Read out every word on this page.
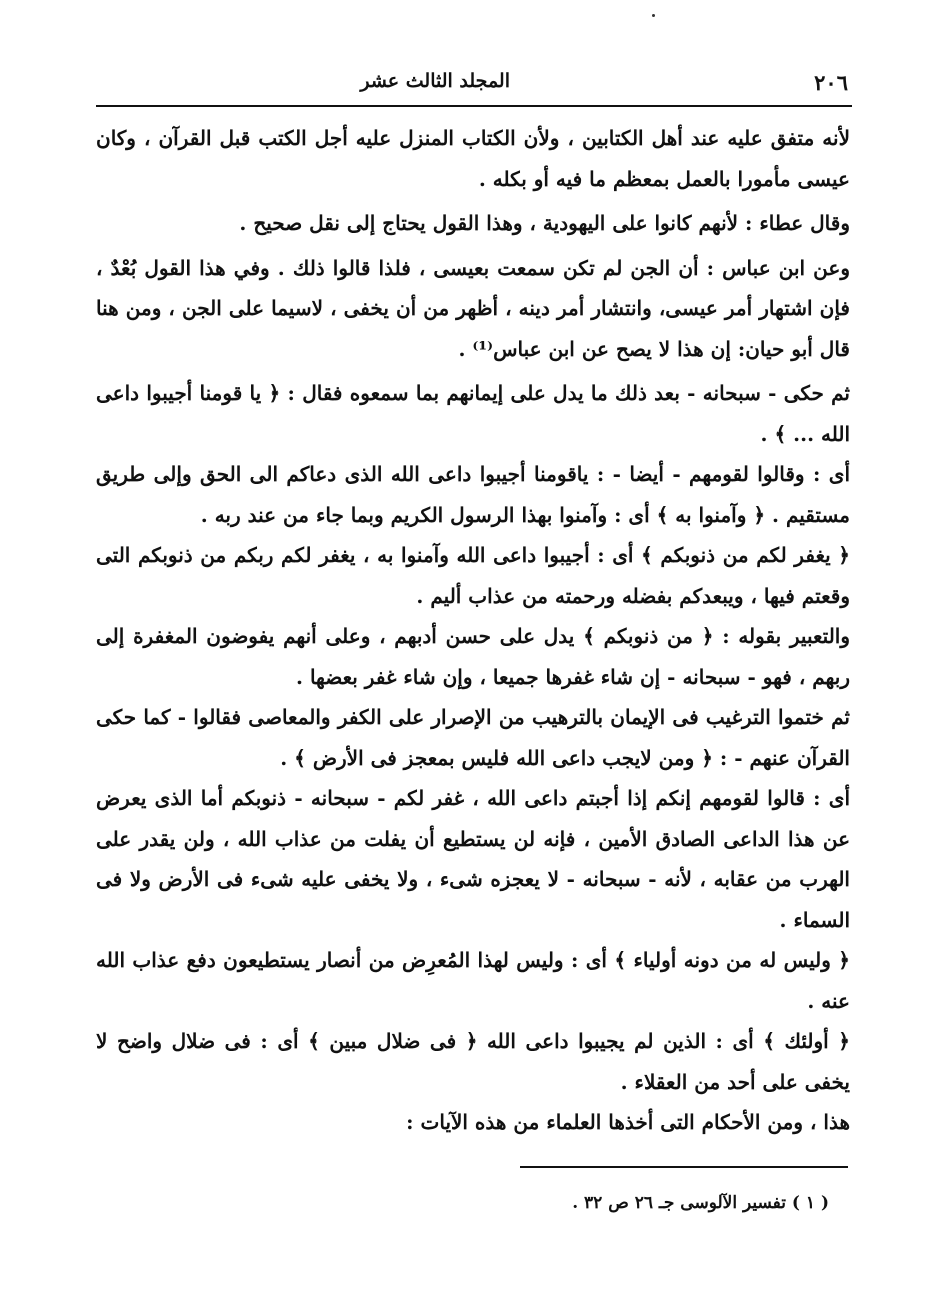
٢٠٦
المجلد الثالث عشر

لأنه متفق عليه عند أهل الكتابين ، ولأن الكتاب المنزل عليه أجل الكتب قبل القرآن ، وكان عيسى مأمورا بالعمل بمعظم ما فيه أو بكله .

وقال عطاء : لأنهم كانوا على اليهودية ، وهذا القول يحتاج إلى نقل صحيح .

وعن ابن عباس : أن الجن لم تكن سمعت بعيسى ، فلذا قالوا ذلك . وفي هذا القول بُعْدٌ ، فإن اشتهار أمر عيسى، وانتشار أمر دينه ، أظهر من أن يخفى ، لاسيما على الجن ، ومن هنا قال أبو حيان: إن هذا لا يصح عن ابن عباس⁽¹⁾ .

ثم حكى - سبحانه - بعد ذلك ما يدل على إيمانهم بما سمعوه فقال : ﴿ يا قومنا أجيبوا داعى الله ... ﴾ .

أى : وقالوا لقومهم - أيضا - : ياقومنا أجيبوا داعى الله الذى دعاكم الى الحق وإلى طريق مستقيم . ﴿ وآمنوا به ﴾ أى : وآمنوا بهذا الرسول الكريم وبما جاء من عند ربه .

﴿ يغفر لكم من ذنوبكم ﴾ أى : أجيبوا داعى الله وآمنوا به ، يغفر لكم ربكم من ذنوبكم التى وقعتم فيها ، ويبعدكم بفضله ورحمته من عذاب أليم .

والتعبير بقوله : ﴿ من ذنوبكم ﴾ يدل على حسن أدبهم ، وعلى أنهم يفوضون المغفرة إلى ربهم ، فهو - سبحانه - إن شاء غفرها جميعا ، وإن شاء غفر بعضها .

ثم ختموا الترغيب فى الإيمان بالترهيب من الإصرار على الكفر والمعاصى فقالوا - كما حكى القرآن عنهم - : ﴿ ومن لايجب داعى الله فليس بمعجز فى الأرض ﴾ .

أى : قالوا لقومهم إنكم إذا أجبتم داعى الله ، غفر لكم - سبحانه - ذنوبكم أما الذى يعرض عن هذا الداعى الصادق الأمين ، فإنه لن يستطيع أن يفلت من عذاب الله ، ولن يقدر على الهرب من عقابه ، لأنه - سبحانه - لا يعجزه شىء ، ولا يخفى عليه شىء فى الأرض ولا فى السماء .

﴿ وليس له من دونه أولياء ﴾ أى : وليس لهذا المُعرِض من أنصار يستطيعون دفع عذاب الله عنه .

﴿ أولئك ﴾ أى : الذين لم يجيبوا داعى الله ﴿ فى ضلال مبين ﴾ أى : فى ضلال واضح لا يخفى على أحد من العقلاء .

هذا ، ومن الأحكام التى أخذها العلماء من هذه الآيات :

( ١ ) تفسير الآلوسى جـ ٢٦ ص ٣٢ .
